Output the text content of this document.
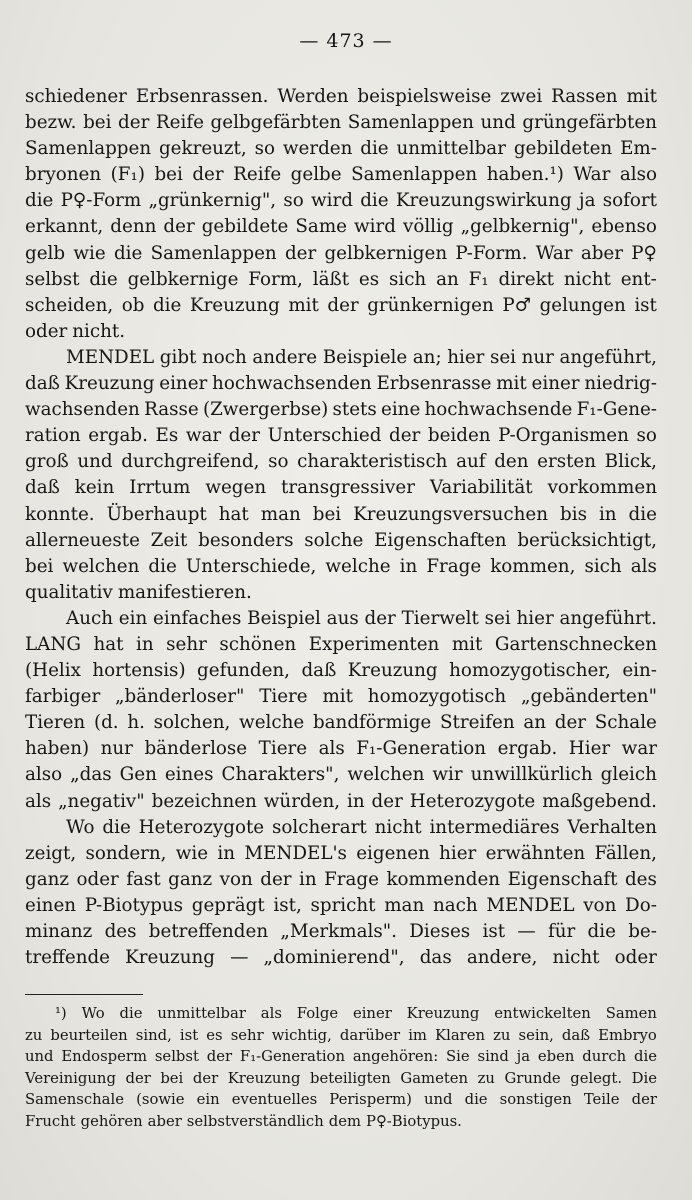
— 473 —
schiedener Erbsenrassen. Werden beispielsweise zwei Rassen mit
bezw. bei der Reife gelbgefärbten Samenlappen und grüngefärbten
Samenlappen gekreuzt, so werden die unmittelbar gebildeten Em-
bryonen (F₁) bei der Reife gelbe Samenlappen haben.¹) War also
die P♀-Form „grünkernig", so wird die Kreuzungswirkung ja sofort
erkannt, denn der gebildete Same wird völlig „gelbkernig", ebenso
gelb wie die Samenlappen der gelbkernigen P-Form. War aber P♀
selbst die gelbkernige Form, läßt es sich an F₁ direkt nicht ent-
scheiden, ob die Kreuzung mit der grünkernigen P♂ gelungen ist
oder nicht.
MENDEL gibt noch andere Beispiele an; hier sei nur angeführt,
daß Kreuzung einer hochwachsenden Erbsenrasse mit einer niedrig-
wachsenden Rasse (Zwergerbse) stets eine hochwachsende F₁-Gene-
ration ergab. Es war der Unterschied der beiden P-Organismen so
groß und durchgreifend, so charakteristisch auf den ersten Blick,
daß kein Irrtum wegen transgressiver Variabilität vorkommen
konnte. Überhaupt hat man bei Kreuzungsversuchen bis in die
allerneueste Zeit besonders solche Eigenschaften berücksichtigt,
bei welchen die Unterschiede, welche in Frage kommen, sich als
qualitativ manifestieren.
Auch ein einfaches Beispiel aus der Tierwelt sei hier angeführt.
LANG hat in sehr schönen Experimenten mit Gartenschnecken
(Helix hortensis) gefunden, daß Kreuzung homozygotischer, ein-
farbiger „bänderloser" Tiere mit homozygotisch „gebänderten"
Tieren (d. h. solchen, welche bandförmige Streifen an der Schale
haben) nur bänderlose Tiere als F₁-Generation ergab. Hier war
also „das Gen eines Charakters", welchen wir unwillkürlich gleich
als „negativ" bezeichnen würden, in der Heterozygote maßgebend.
Wo die Heterozygote solcherart nicht intermediäres Verhalten
zeigt, sondern, wie in MENDEL's eigenen hier erwähnten Fällen,
ganz oder fast ganz von der in Frage kommenden Eigenschaft des
einen P-Biotypus geprägt ist, spricht man nach MENDEL von Do-
minanz des betreffenden „Merkmals". Dieses ist — für die be-
treffende Kreuzung — „dominierend", das andere, nicht oder
¹) Wo die unmittelbar als Folge einer Kreuzung entwickelten Samen
zu beurteilen sind, ist es sehr wichtig, darüber im Klaren zu sein, daß Embryo
und Endosperm selbst der F₁-Generation angehören: Sie sind ja eben durch die
Vereinigung der bei der Kreuzung beteiligten Gameten zu Grunde gelegt. Die
Samenschale (sowie ein eventuelles Perisperm) und die sonstigen Teile der
Frucht gehören aber selbstverständlich dem P♀-Biotypus.
